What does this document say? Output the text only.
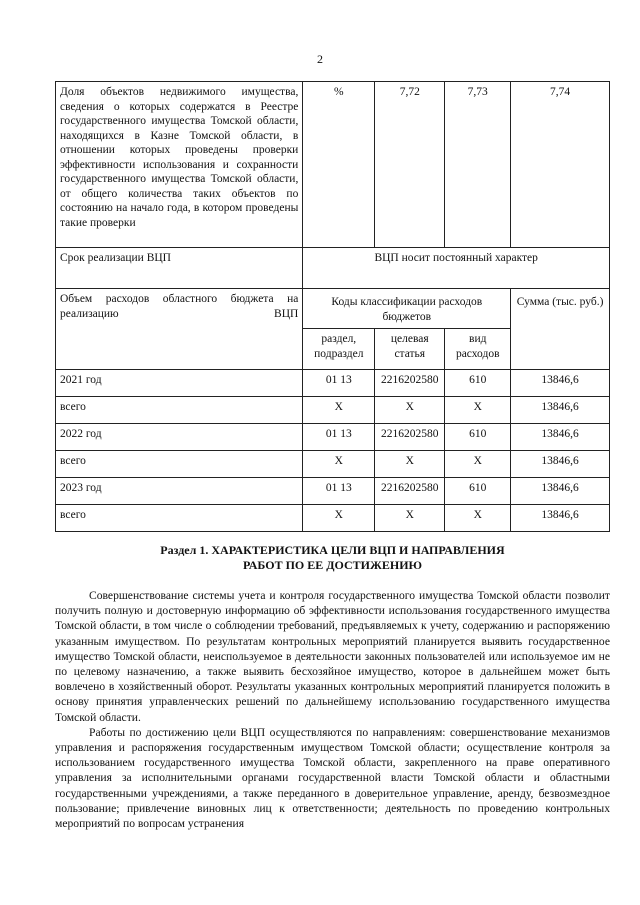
2
Доля объектов недвижимого имущества, сведения о которых содержатся в Реестре государственного имущества Томской области, находящихся в Казне Томской области, в отношении которых проведены проверки эффективности использования и сохранности государственного имущества Томской области, от общего количества таких объектов по состоянию на начало года, в котором проведены такие проверки	%	7,72	7,73	7,74
Срок реализации ВЦП	ВЦП носит постоянный характер			
Объем расходов областного бюджета на реализацию ВЦП	Коды классификации расходов бюджетов			Сумма (тыс. руб.)
	раздел, подраздел	целевая статья	вид расходов	
2021 год	01 13	2216202580	610	13846,6
всего	Х	Х	Х	13846,6
2022 год	01 13	2216202580	610	13846,6
всего	Х	Х	Х	13846,6
2023 год	01 13	2216202580	610	13846,6
всего	Х	Х	Х	13846,6
Раздел 1. ХАРАКТЕРИСТИКА ЦЕЛИ ВЦП И НАПРАВЛЕНИЯ
РАБОТ ПО ЕЕ ДОСТИЖЕНИЮ

Совершенствование системы учета и контроля государственного имущества Томской области позволит получить полную и достоверную информацию об эффективности использования государственного имущества Томской области, в том числе о соблюдении требований, предъявляемых к учету, содержанию и распоряжению указанным имуществом. По результатам контрольных мероприятий планируется выявить государственное имущество Томской области, неиспользуемое в деятельности законных пользователей или используемое им не по целевому назначению, а также выявить бесхозяйное имущество, которое в дальнейшем может быть вовлечено в хозяйственный оборот. Результаты указанных контрольных мероприятий планируется положить в основу принятия управленческих решений по дальнейшему использованию государственного имущества Томской области.

Работы по достижению цели ВЦП осуществляются по направлениям: совершенствование механизмов управления и распоряжения государственным имуществом Томской области; осуществление контроля за использованием государственного имущества Томской области, закрепленного на праве оперативного управления за исполнительными органами государственной власти Томской области и областными государственными учреждениями, а также переданного в доверительное управление, аренду, безвозмездное пользование; привлечение виновных лиц к ответственности; деятельность по проведению контрольных мероприятий по вопросам устранения
